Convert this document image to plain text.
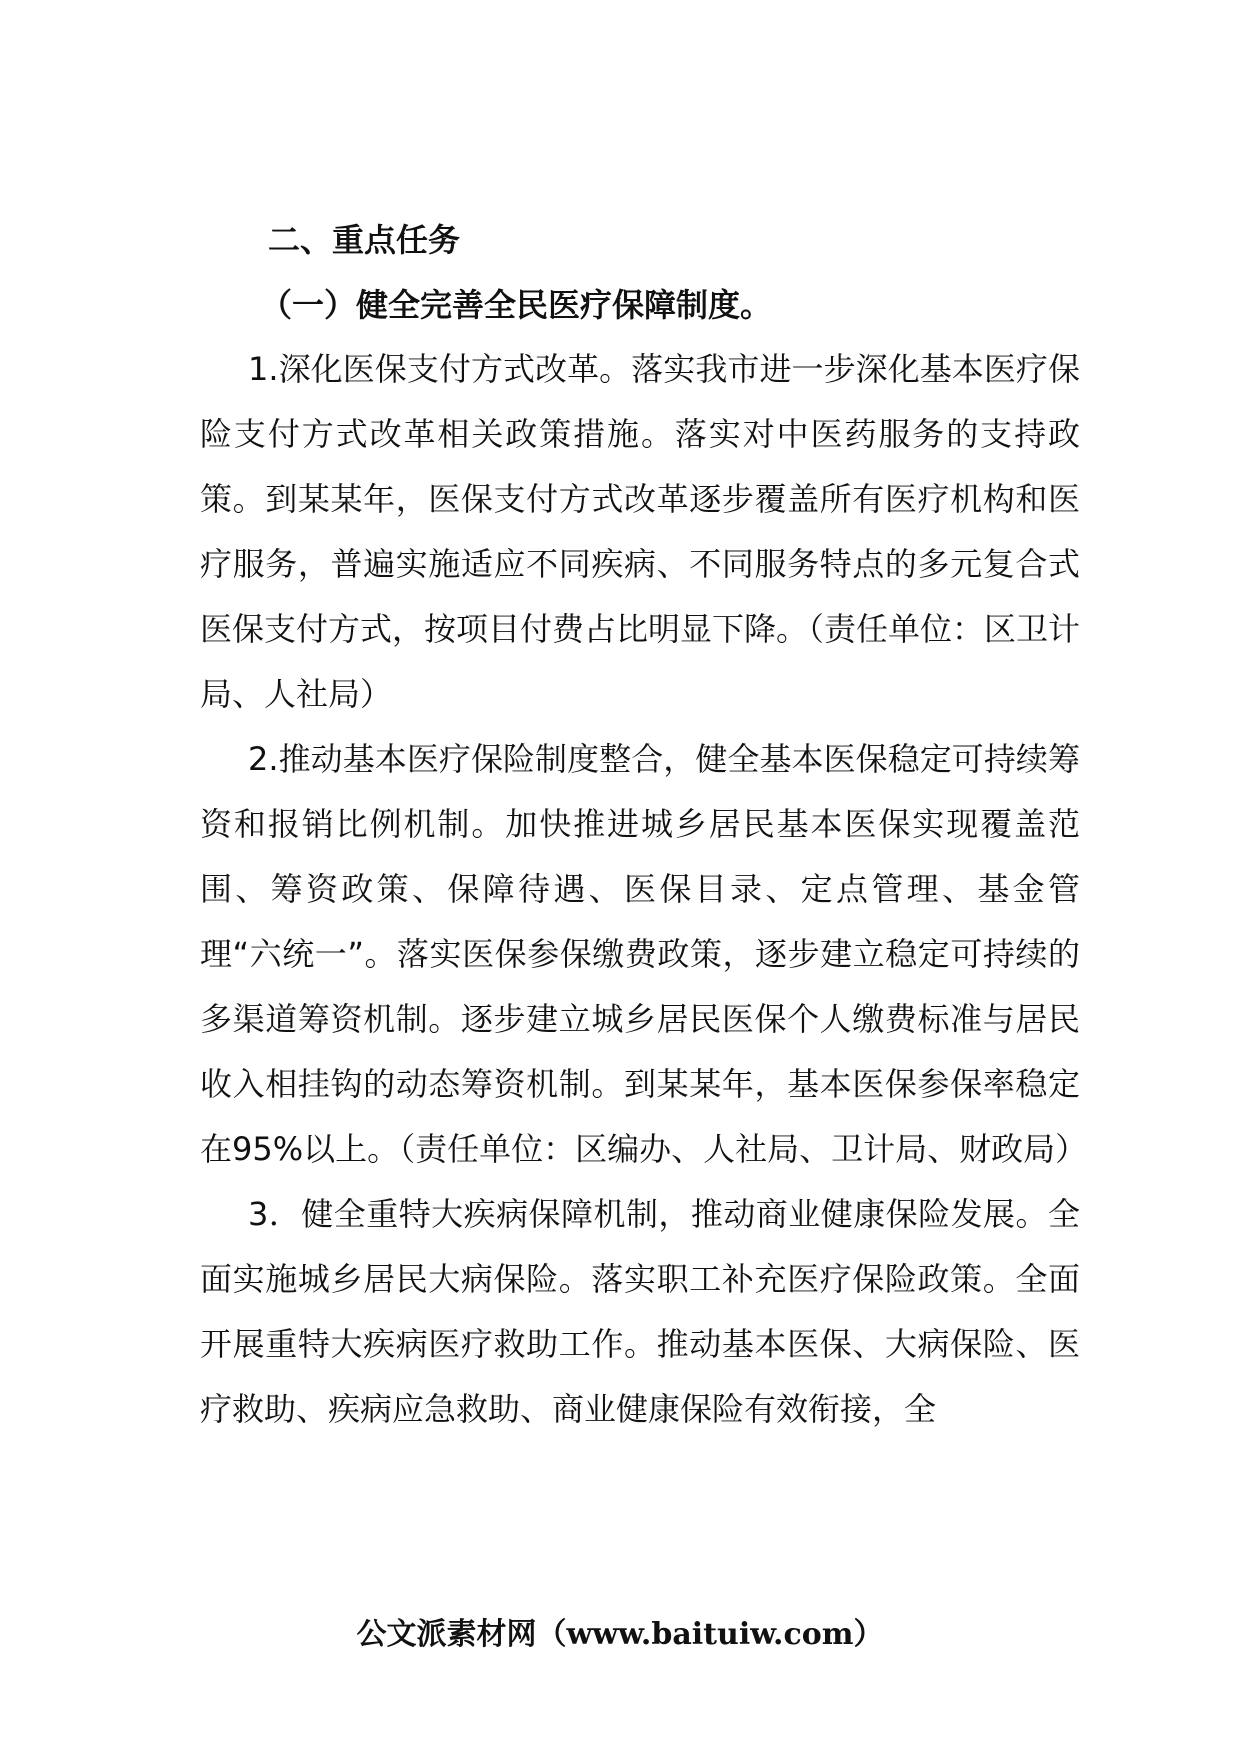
二、重点任务
（一）健全完善全民医疗保障制度。

1.深化医保支付方式改革。落实我市进一步深化基本医疗保险支付方式改革相关政策措施。落实对中医药服务的支持政策。到某某年，医保支付方式改革逐步覆盖所有医疗机构和医疗服务，普遍实施适应不同疾病、不同服务特点的多元复合式医保支付方式，按项目付费占比明显下降。（责任单位：区卫计局、人社局）

2.推动基本医疗保险制度整合，健全基本医保稳定可持续筹资和报销比例机制。加快推进城乡居民基本医保实现覆盖范围、筹资政策、保障待遇、医保目录、定点管理、基金管理“六统一”。落实医保参保缴费政策，逐步建立稳定可持续的多渠道筹资机制。逐步建立城乡居民医保个人缴费标准与居民收入相挂钩的动态筹资机制。到某某年，基本医保参保率稳定在95%以上。（责任单位：区编办、人社局、卫计局、财政局）

3．健全重特大疾病保障机制，推动商业健康保险发展。全面实施城乡居民大病保险。落实职工补充医疗保险政策。全面开展重特大疾病医疗救助工作。推动基本医保、大病保险、医疗救助、疾病应急救助、商业健康保险有效衔接，全

公文派素材网（www.baituiw.com）
